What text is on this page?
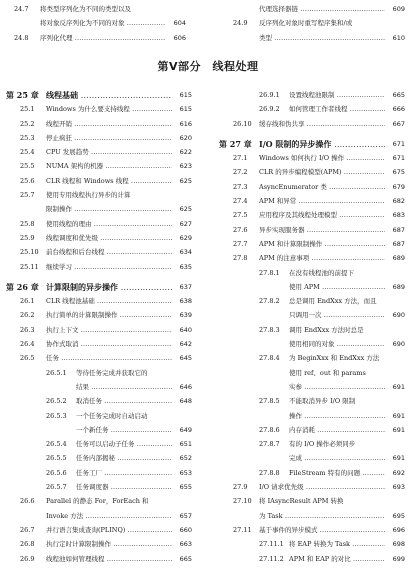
24.7 将类型序列化为不同的类型以及
将对象反序列化为不同的对象 .....	604
24.8 序列化代理 .....	606
代理选择器链 .....	609
24.9 反序列化对象时重写程序集和/或
类型 .....	610
第Ⅴ部分　线程处理
第 25 章 线程基础 .....	615
25.1 Windows 为什么要支持线程 .....	615
25.2 线程开销 .....	616
25.3 停止疯狂 .....	620
25.4 CPU 发展趋势 .....	622
25.5 NUMA 架构的机器 .....	623
25.6 CLR 线程和 Windows 线程 .....	625
25.7 使用专用线程执行异步的计算
限制操作 .....	625
25.8 使用线程的理由 .....	627
25.9 线程调度和优先级 .....	629
25.10 前台线程和后台线程 .....	634
25.11 继续学习 .....	635
第 26 章 计算限制的异步操作 .....	637
26.1 CLR 线程池基础 .....	638
26.2 执行简单的计算限制操作 .....	639
26.3 执行上下文 .....	640
26.4 协作式取消 .....	642
26.5 任务 .....	645
26.5.1 等待任务完成并获取它的
结果 .....	646
26.5.2 取消任务 .....	648
26.5.3 一个任务完成时自动启动
一个新任务 .....	649
26.5.4 任务可以启动子任务 .....	651
26.5.5 任务内部揭秘 .....	652
26.5.6 任务工厂 .....	653
26.5.7 任务调度器 .....	655
26.6 Parallel 的静态 For，ForEach 和
Invoke 方法 .....	657
26.7 并行语言集成查询(PLINQ) .....	660
26.8 执行定时计算限制操作 .....	663
26.9 线程池如何管理线程 .....	665
26.9.1 设置线程池限制 .....	665
26.9.2 如何管理工作者线程 .....	666
26.10 缓存线和伪共享 .....	667
第 27 章 I/O 限制的异步操作 .....	671
27.1 Windows 如何执行 I/O 操作 .....	671
27.2 CLR 的异步编程模型(APM) .....	675
27.3 AsyncEnumerator 类 .....	679
27.4 APM 和异常 .....	682
27.5 应用程序及其线程处理模型 .....	683
27.6 异步实现服务器 .....	687
27.7 APM 和计算限制操作 .....	687
27.8 APM 的注意事项 .....	689
27.8.1 在没有线程池的前提下
使用 APM .....	689
27.8.2 总是调用 EndXxx 方法，而且
只调用一次 .....	690
27.8.3 调用 EndXxx 方法时总是
使用相同的对象 .....	690
27.8.4 为 BeginXxx 和 EndXxx 方法
使用 ref、out 和 params
实参 .....	691
27.8.5 不能取消异步 I/O 限制
操作 .....	691
27.8.6 内存消耗 .....	691
27.8.7 有的 I/O 操作必须同步
完成 .....	691
27.8.8 FileStream 特有的问题 .....	692
27.9 I/O 请求优先级 .....	693
27.10 将 IAsyncResult APM 转换
为 Task .....	695
27.11 基于事件的异步模式 .....	696
27.11.1 将 EAP 转换为 Task .....	698
27.11.2 APM 和 EAP 的对比 .....	699
